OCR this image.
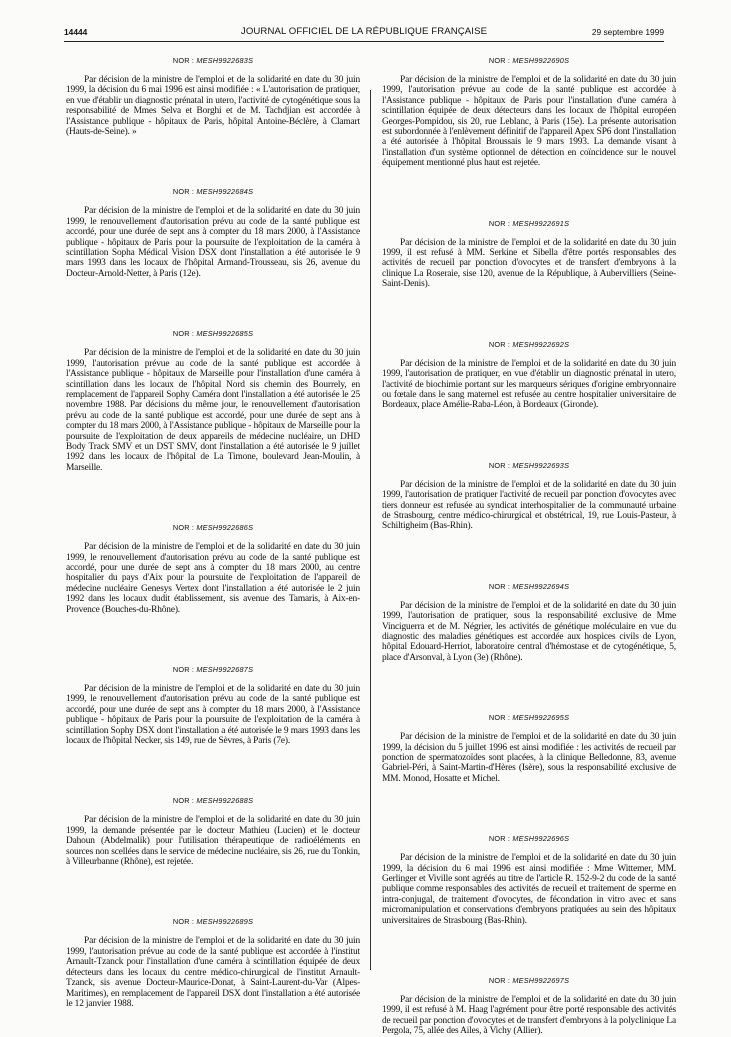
14444	JOURNAL OFFICIEL DE LA RÉPUBLIQUE FRANÇAISE	29 septembre 1999
NOR : MESH9922683S

Par décision de la ministre de l'emploi et de la solidarité en date du 30 juin 1999, la décision du 6 mai 1996 est ainsi modifiée : « L'autorisation de pratiquer, en vue d'établir un diagnostic prénatal in utero, l'activité de cytogénétique sous la responsabilité de Mmes Selva et Borghi et de M. Tachdjian est accordée à l'Assistance publique - hôpitaux de Paris, hôpital Antoine-Béclère, à Clamart (Hauts-de-Seine). »

NOR : MESH9922684S

Par décision de la ministre de l'emploi et de la solidarité en date du 30 juin 1999, le renouvellement d'autorisation prévu au code de la santé publique est accordé, pour une durée de sept ans à compter du 18 mars 2000, à l'Assistance publique - hôpitaux de Paris pour la poursuite de l'exploitation de la caméra à scintillation Sopha Médical Vision DSX dont l'installation a été autorisée le 9 mars 1993 dans les locaux de l'hôpital Armand-Trousseau, sis 26, avenue du Docteur-Arnold-Netter, à Paris (12e).

NOR : MESH9922685S

Par décision de la ministre de l'emploi et de la solidarité en date du 30 juin 1999, l'autorisation prévue au code de la santé publique est accordée à l'Assistance publique - hôpitaux de Marseille pour l'installation d'une caméra à scintillation dans les locaux de l'hôpital Nord sis chemin des Bourrely, en remplacement de l'appareil Sophy Caméra dont l'installation a été autorisée le 25 novembre 1988. Par décisions du même jour, le renouvellement d'autorisation prévu au code de la santé publique est accordé, pour une durée de sept ans à compter du 18 mars 2000, à l'Assistance publique - hôpitaux de Marseille pour la poursuite de l'exploitation de deux appareils de médecine nucléaire, un DHD Body Track SMV et un DST SMV, dont l'installation a été autorisée le 9 juillet 1992 dans les locaux de l'hôpital de La Timone, boulevard Jean-Moulin, à Marseille.

NOR : MESH9922686S

Par décision de la ministre de l'emploi et de la solidarité en date du 30 juin 1999, le renouvellement d'autorisation prévu au code de la santé publique est accordé, pour une durée de sept ans à compter du 18 mars 2000, au centre hospitalier du pays d'Aix pour la poursuite de l'exploitation de l'appareil de médecine nucléaire Genesys Vertex dont l'installation a été autorisée le 2 juin 1992 dans les locaux dudit établissement, sis avenue des Tamaris, à Aix-en-Provence (Bouches-du-Rhône).

NOR : MESH9922687S

Par décision de la ministre de l'emploi et de la solidarité en date du 30 juin 1999, le renouvellement d'autorisation prévu au code de la santé publique est accordé, pour une durée de sept ans à compter du 18 mars 2000, à l'Assistance publique - hôpitaux de Paris pour la poursuite de l'exploitation de la caméra à scintillation Sophy DSX dont l'installation a été autorisée le 9 mars 1993 dans les locaux de l'hôpital Necker, sis 149, rue de Sèvres, à Paris (7e).

NOR : MESH9922688S

Par décision de la ministre de l'emploi et de la solidarité en date du 30 juin 1999, la demande présentée par le docteur Mathieu (Lucien) et le docteur Dahoun (Abdelmalik) pour l'utilisation thérapeutique de radioéléments en sources non scellées dans le service de médecine nucléaire, sis 26, rue du Tonkin, à Villeurbanne (Rhône), est rejetée.

NOR : MESH9922689S

Par décision de la ministre de l'emploi et de la solidarité en date du 30 juin 1999, l'autorisation prévue au code de la santé publique est accordée à l'institut Arnault-Tzanck pour l'installation d'une caméra à scintillation équipée de deux détecteurs dans les locaux du centre médico-chirurgical de l'institut Arnault-Tzanck, sis avenue Docteur-Maurice-Donat, à Saint-Laurent-du-Var (Alpes-Maritimes), en remplacement de l'appareil DSX dont l'installation a été autorisée le 12 janvier 1988.

NOR : MESH9922690S

Par décision de la ministre de l'emploi et de la solidarité en date du 30 juin 1999, l'autorisation prévue au code de la santé publique est accordée à l'Assistance publique - hôpitaux de Paris pour l'installation d'une caméra à scintillation équipée de deux détecteurs dans les locaux de l'hôpital européen Georges-Pompidou, sis 20, rue Leblanc, à Paris (15e). La présente autorisation est subordonnée à l'enlèvement définitif de l'appareil Apex SP6 dont l'installation a été autorisée à l'hôpital Broussais le 9 mars 1993. La demande visant à l'installation d'un système optionnel de détection en coïncidence sur le nouvel équipement mentionné plus haut est rejetée.

NOR : MESH9922691S

Par décision de la ministre de l'emploi et de la solidarité en date du 30 juin 1999, il est refusé à MM. Serkine et Sibella d'être portés responsables des activités de recueil par ponction d'ovocytes et de transfert d'embryons à la clinique La Roseraie, sise 120, avenue de la République, à Aubervilliers (Seine-Saint-Denis).

NOR : MESH9922692S

Par décision de la ministre de l'emploi et de la solidarité en date du 30 juin 1999, l'autorisation de pratiquer, en vue d'établir un diagnostic prénatal in utero, l'activité de biochimie portant sur les marqueurs sériques d'origine embryonnaire ou fœtale dans le sang maternel est refusée au centre hospitalier universitaire de Bordeaux, place Amélie-Raba-Léon, à Bordeaux (Gironde).

NOR : MESH9922693S

Par décision de la ministre de l'emploi et de la solidarité en date du 30 juin 1999, l'autorisation de pratiquer l'activité de recueil par ponction d'ovocytes avec tiers donneur est refusée au syndicat interhospitalier de la communauté urbaine de Strasbourg, centre médico-chirurgical et obstétrical, 19, rue Louis-Pasteur, à Schiltigheim (Bas-Rhin).

NOR : MESH9922694S

Par décision de la ministre de l'emploi et de la solidarité en date du 30 juin 1999, l'autorisation de pratiquer, sous la responsabilité exclusive de Mme Vinciguerra et de M. Négrier, les activités de génétique moléculaire en vue du diagnostic des maladies génétiques est accordée aux hospices civils de Lyon, hôpital Edouard-Herriot, laboratoire central d'hémostase et de cytogénétique, 5, place d'Arsonval, à Lyon (3e) (Rhône).

NOR : MESH9922695S

Par décision de la ministre de l'emploi et de la solidarité en date du 30 juin 1999, la décision du 5 juillet 1996 est ainsi modifiée : les activités de recueil par ponction de spermatozoïdes sont placées, à la clinique Belledonne, 83, avenue Gabriel-Péri, à Saint-Martin-d'Hères (Isère), sous la responsabilité exclusive de MM. Monod, Hosatte et Michel.

NOR : MESH9922696S

Par décision de la ministre de l'emploi et de la solidarité en date du 30 juin 1999, la décision du 6 mai 1996 est ainsi modifiée : Mme Wittemer, MM. Gerlinger et Viville sont agréés au titre de l'article R. 152-9-2 du code de la santé publique comme responsables des activités de recueil et traitement de sperme en intra-conjugal, de traitement d'ovocytes, de fécondation in vitro avec et sans micromanipulation et conservations d'embryons pratiquées au sein des hôpitaux universitaires de Strasbourg (Bas-Rhin).

NOR : MESH9922697S

Par décision de la ministre de l'emploi et de la solidarité en date du 30 juin 1999, il est refusé à M. Haag l'agrément pour être porté responsable des activités de recueil par ponction d'ovocytes et de transfert d'embryons à la polyclinique La Pergola, 75, allée des Ailes, à Vichy (Allier).
